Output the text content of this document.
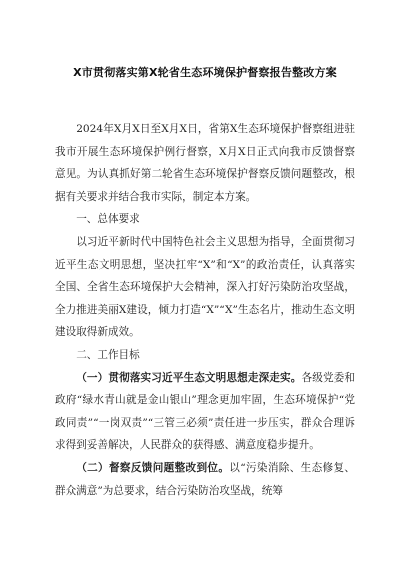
X市贯彻落实第X轮省生态环境保护督察报告整改方案

2024年X月X日至X月X日，省第X生态环境保护督察组进驻我市开展生态环境保护例行督察，X月X日正式向我市反馈督察意见。为认真抓好第二轮省生态环境保护督察反馈问题整改，根据有关要求并结合我市实际，制定本方案。

一、总体要求

以习近平新时代中国特色社会主义思想为指导，全面贯彻习近平生态文明思想，坚决扛牢“X”和“X”的政治责任，认真落实全国、全省生态环境保护大会精神，深入打好污染防治攻坚战，全力推进美丽X建设，倾力打造“X”“X”生态名片，推动生态文明建设取得新成效。

二、工作目标

（一）贯彻落实习近平生态文明思想走深走实。各级党委和政府“绿水青山就是金山银山”理念更加牢固，生态环境保护“党政同责”“一岗双责”“三管三必须”责任进一步压实，群众合理诉求得到妥善解决，人民群众的获得感、满意度稳步提升。

（二）督察反馈问题整改到位。以“污染消除、生态修复、群众满意”为总要求，结合污染防治攻坚战，统筹
